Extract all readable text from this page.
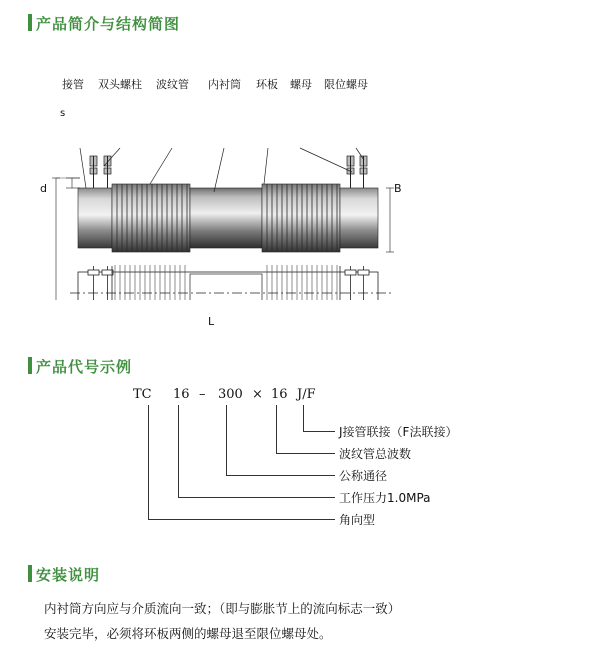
产品简介与结构简图
接管 双头螺柱 波纹管 内衬筒 环板 螺母 限位螺母
s
d	B
L
产品代号示例
TC 16 – 300 × 16 J/F
J接管联接（F法联接）
波纹管总波数
公称通径
工作压力1.0MPa
角向型
安装说明

内衬筒方向应与介质流向一致；（即与膨胀节上的流向标志一致）

安装完毕，必须将环板两侧的螺母退至限位螺母处。
